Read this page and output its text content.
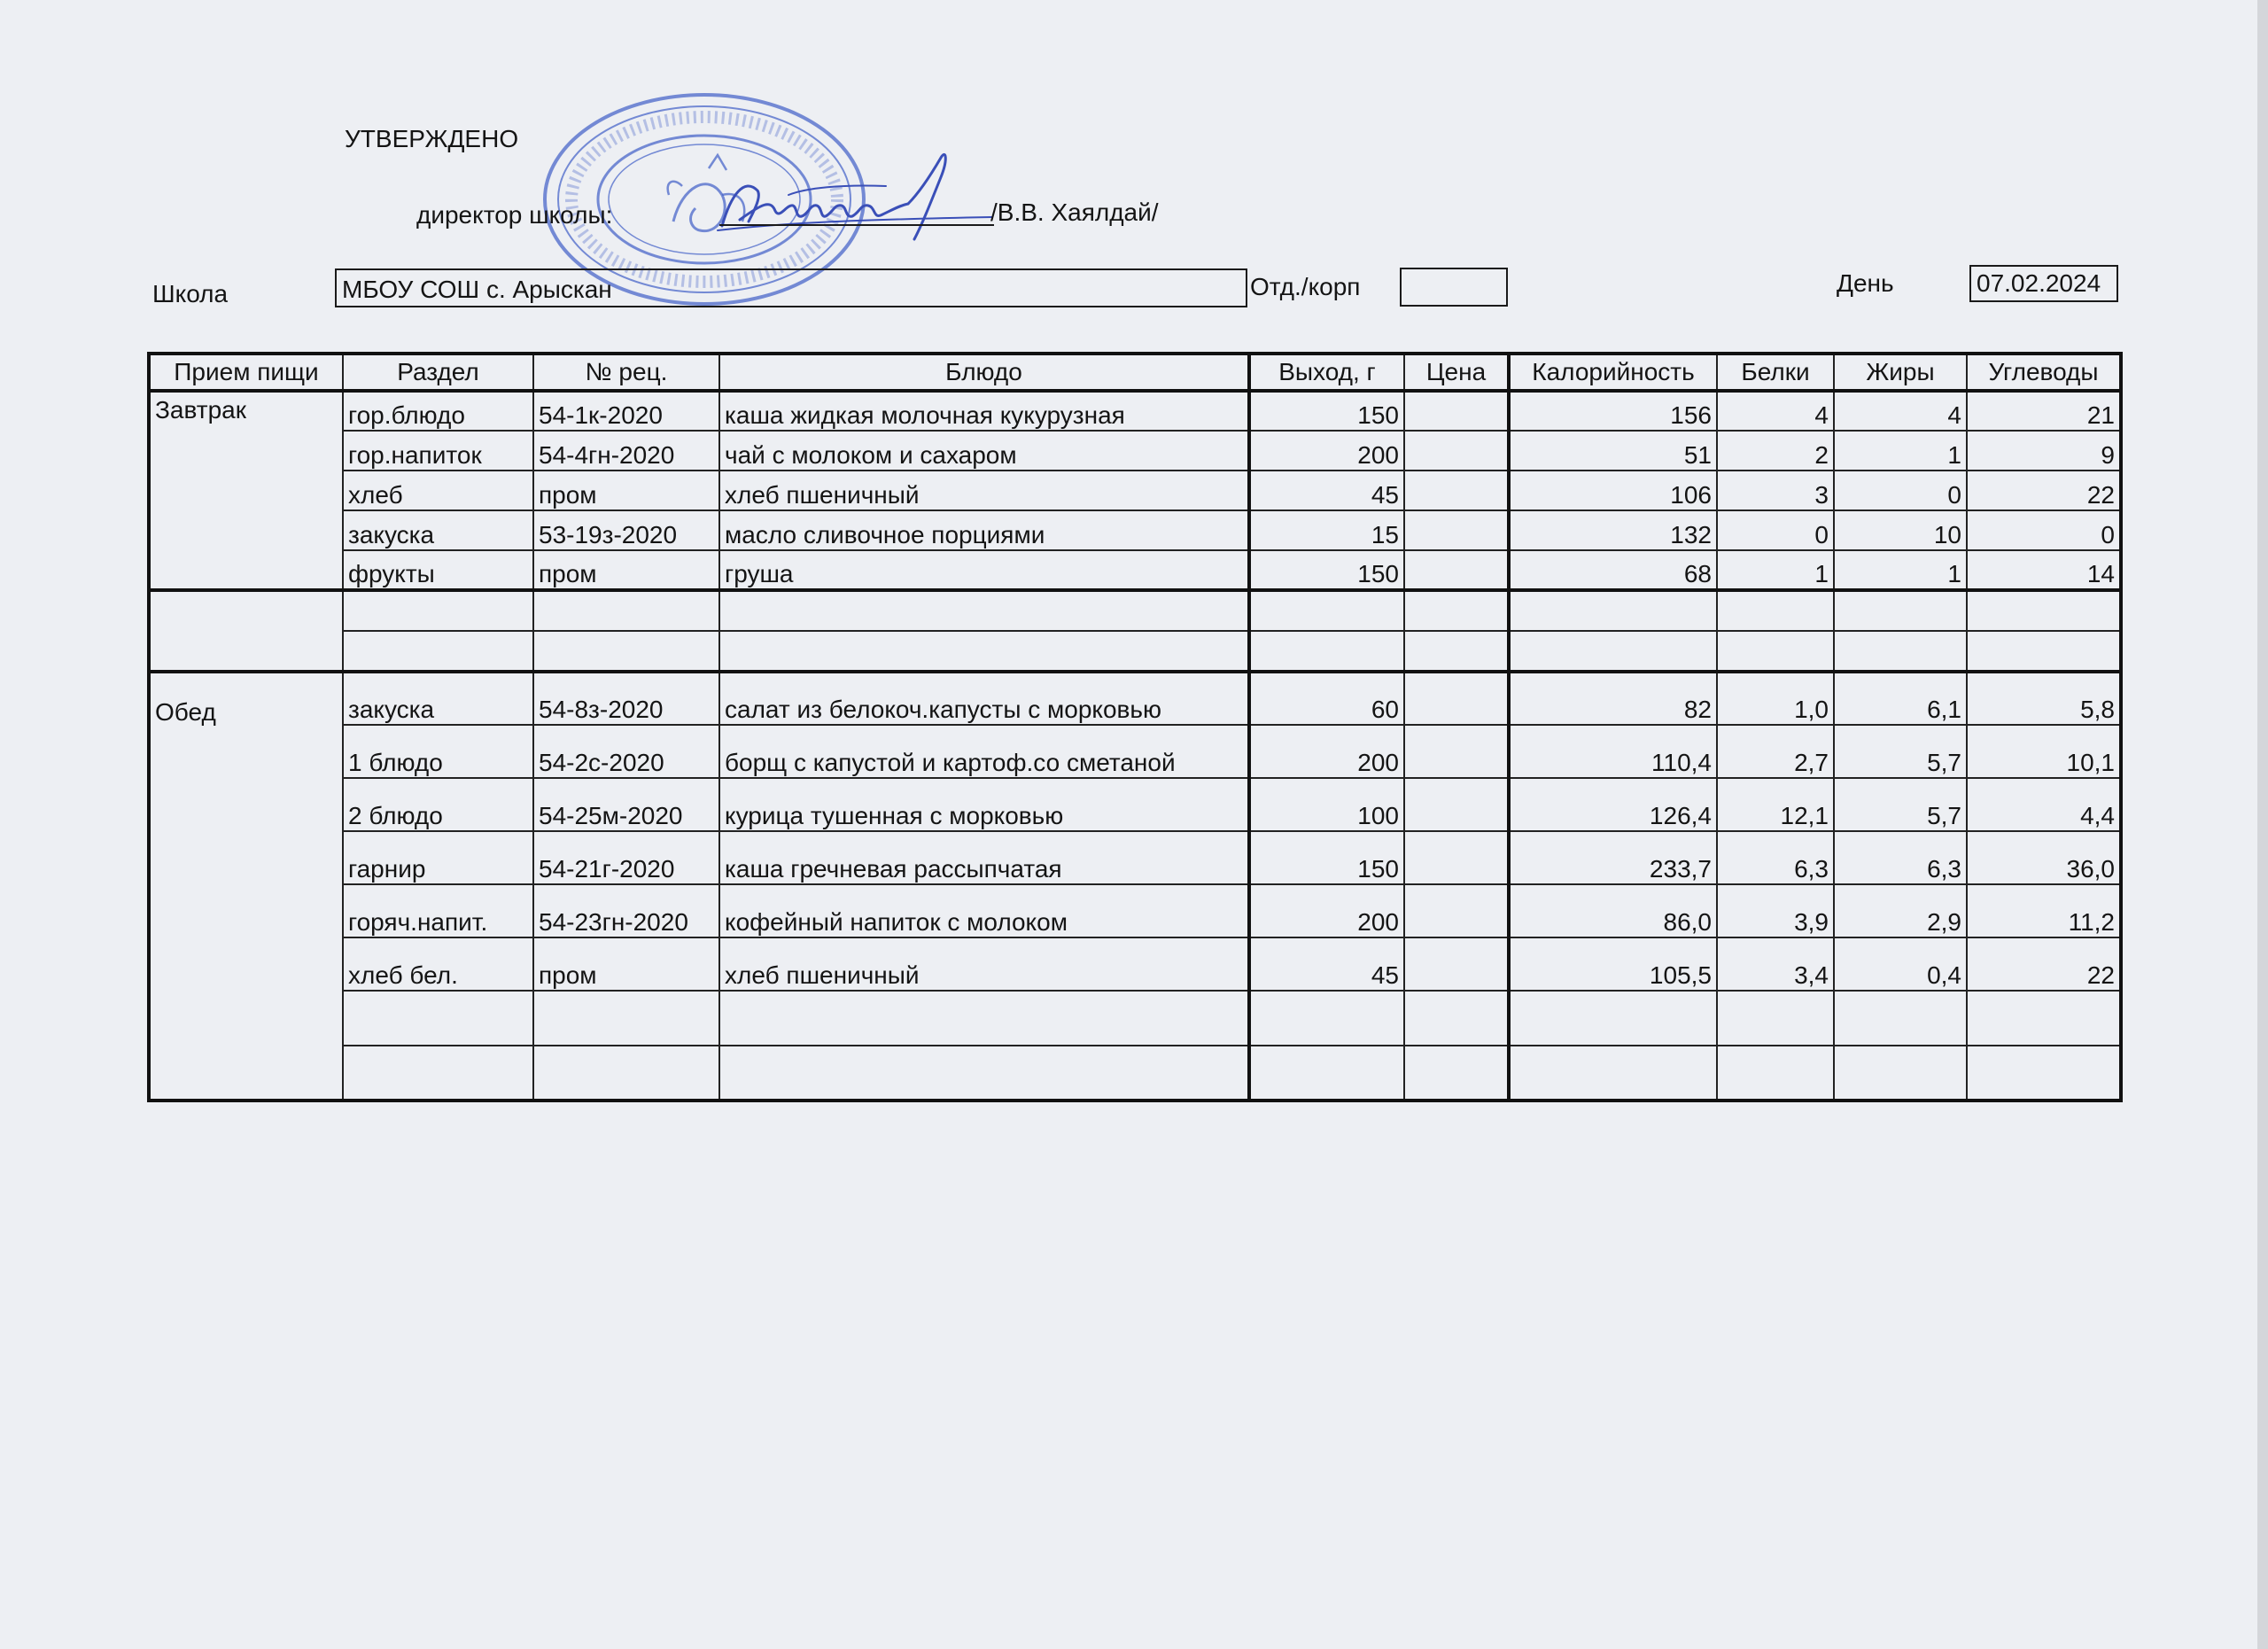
УТВЕРЖДЕНО
директор школы:	/В.В. Хаялдай/
Школа	МБОУ СОШ с. Арыскан	Отд./корп	День	07.02.2024
Прием пищи	Раздел	№ рец.	Блюдо	Выход, г	Цена	Калорийность	Белки	Жиры	Углеводы
Завтрак	гор.блюдо	54-1к-2020	каша жидкая молочная кукурузная	150		156	4	4	21
	гор.напиток	54-4гн-2020	чай с молоком и сахаром	200		51	2	1	9
	хлеб	пром	хлеб пшеничный	45		106	3	0	22
	закуска	53-19з-2020	масло сливочное порциями	15		132	0	10	0
	фрукты	пром	груша	150		68	1	1	14

Обед	закуска	54-8з-2020	салат из белокоч.капусты с морковью	60		82	1,0	6,1	5,8
	1 блюдо	54-2с-2020	борщ с капустой и картоф.со сметаной	200		110,4	2,7	5,7	10,1
	2 блюдо	54-25м-2020	курица тушенная с морковью	100		126,4	12,1	5,7	4,4
	гарнир	54-21г-2020	каша гречневая рассыпчатая	150		233,7	6,3	6,3	36,0
	горяч.напит.	54-23гн-2020	кофейный напиток с молоком	200		86,0	3,9	2,9	11,2
	хлеб бел.	пром	хлеб пшеничный	45		105,5	3,4	0,4	22
